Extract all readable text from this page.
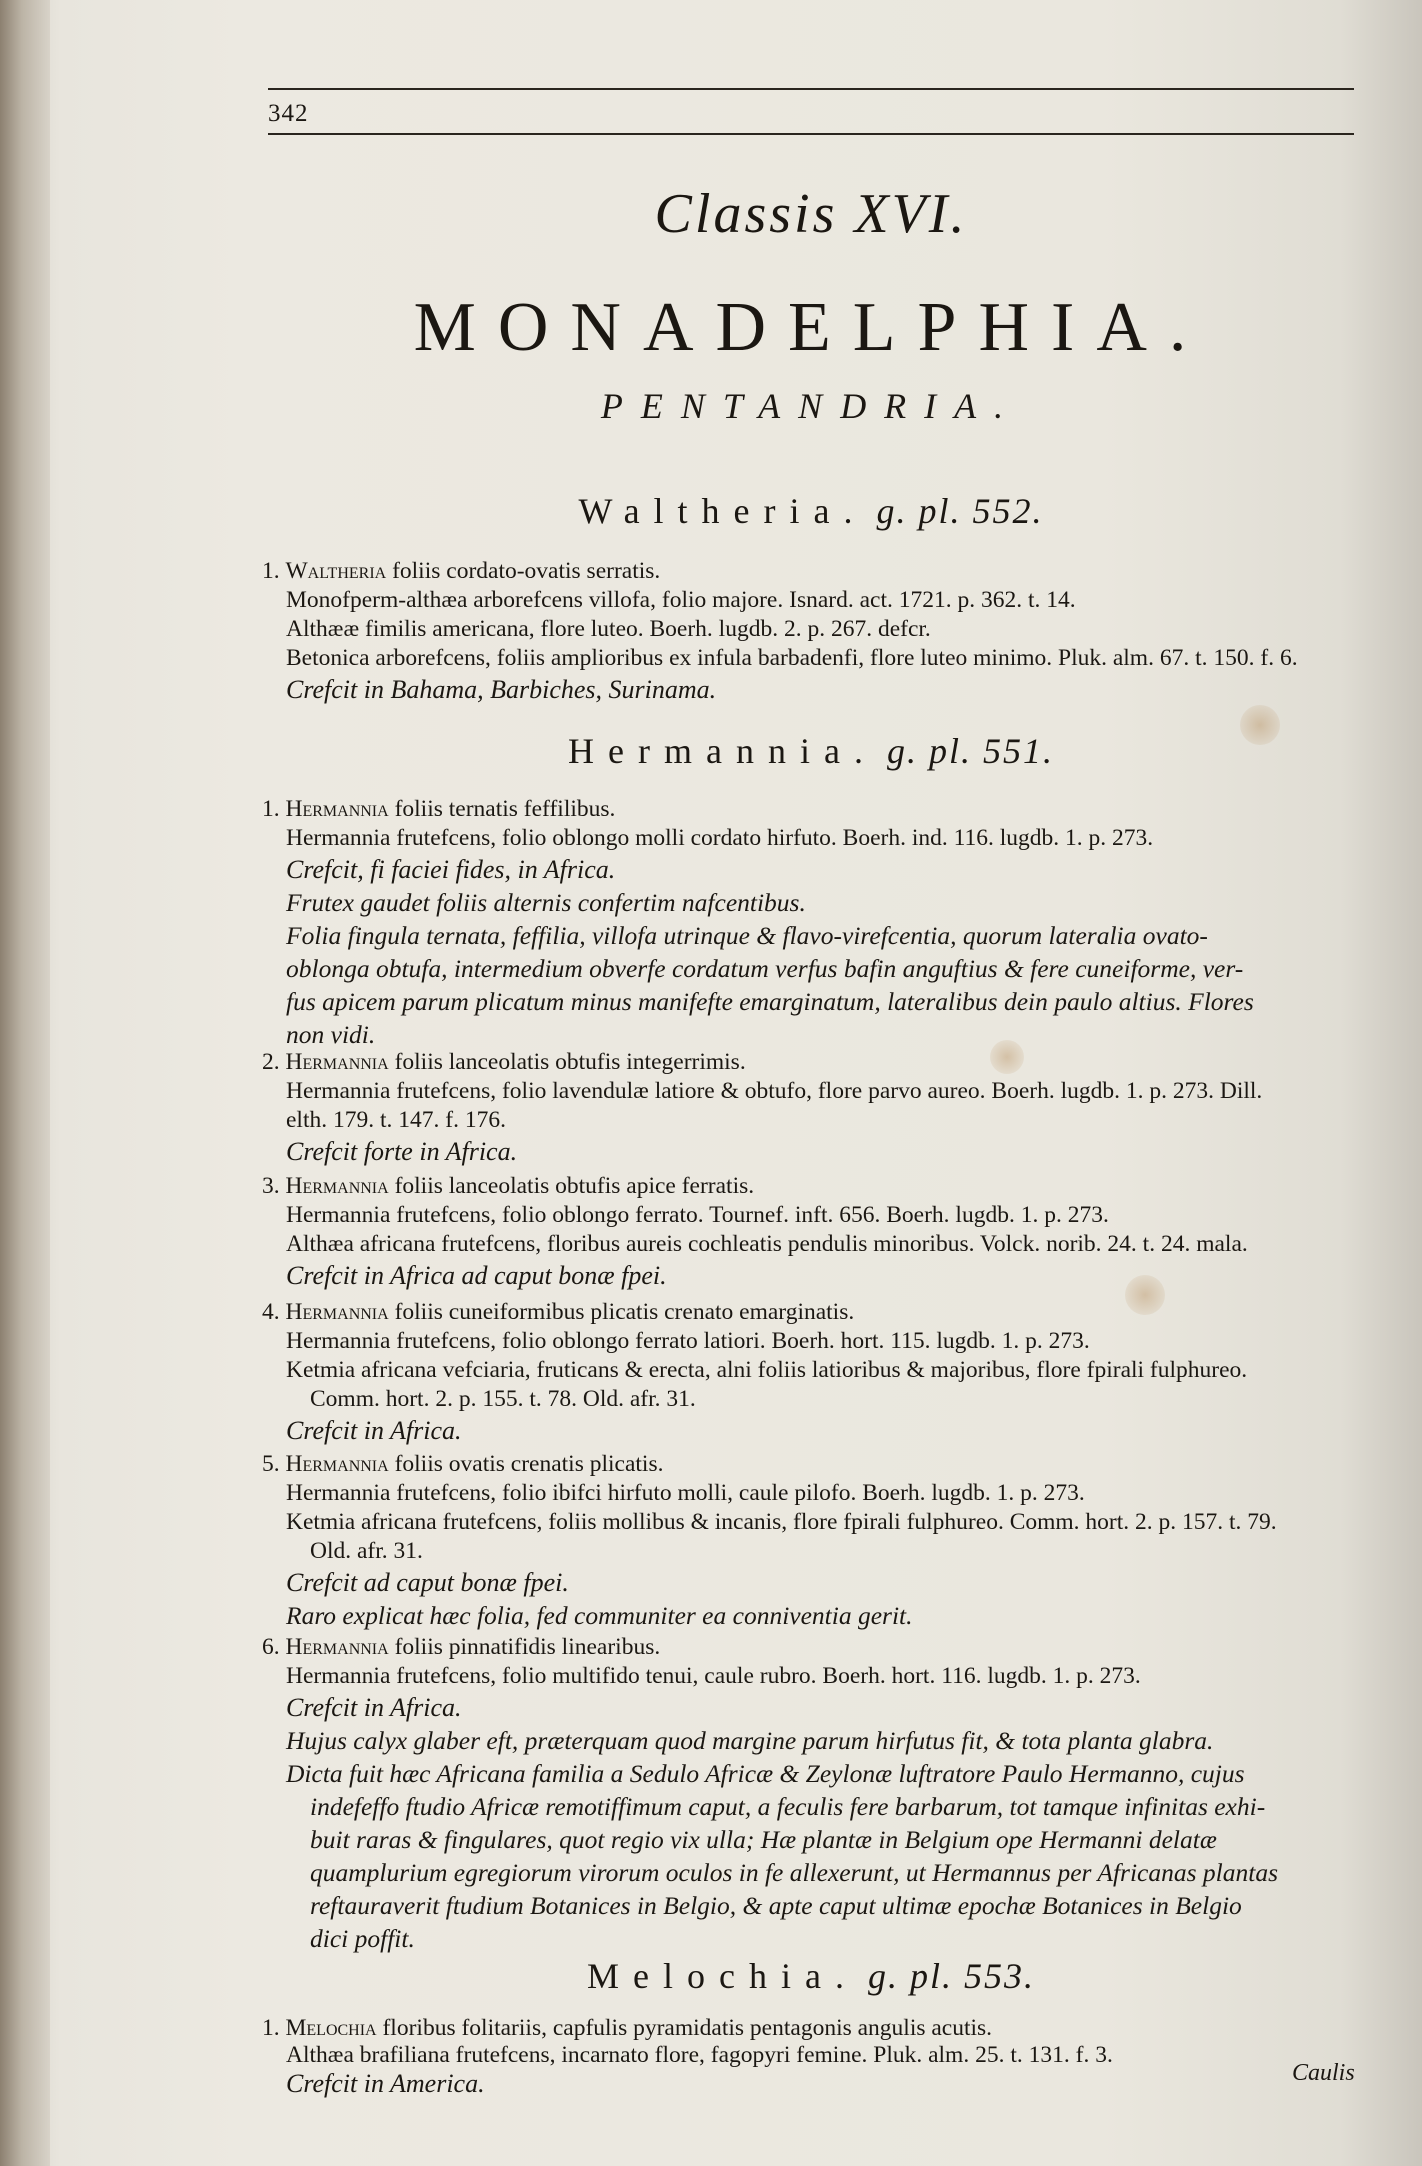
342
Classis XVI.
MONADELPHIA.
PENTANDRIA.
Waltheria. g. pl. 552.
1. Waltheria foliis cordato-ovatis serratis.
Monofperm-althæa arborefcens villofa, folio majore. Isnard. act. 1721. p. 362. t. 14.
Althææ fimilis americana, flore luteo. Boerh. lugdb. 2. p. 267. defcr.
Betonica arborefcens, foliis amplioribus ex infula barbadenfi, flore luteo minimo. Pluk. alm. 67. t. 150. f. 6.
Crefcit in Bahama, Barbiches, Surinama.
Hermannia. g. pl. 551.
1. Hermannia foliis ternatis feffilibus.
Hermannia frutefcens, folio oblongo molli cordato hirfuto. Boerh. ind. 116. lugdb. 1. p. 273.
Crefcit, fi faciei fides, in Africa.
Frutex gaudet foliis alternis confertim nafcentibus.
Folia fingula ternata, feffilia, villofa utrinque & flavo-virefcentia, quorum lateralia ovato-
oblonga obtufa, intermedium obverfe cordatum verfus bafin anguftius & fere cuneiforme, ver-
fus apicem parum plicatum minus manifefte emarginatum, lateralibus dein paulo altius. Flores
non vidi.
2. Hermannia foliis lanceolatis obtufis integerrimis.
Hermannia frutefcens, folio lavendulæ latiore & obtufo, flore parvo aureo. Boerh. lugdb. 1. p. 273. Dill.
elth. 179. t. 147. f. 176.
Crefcit forte in Africa.
3. Hermannia foliis lanceolatis obtufis apice ferratis.
Hermannia frutefcens, folio oblongo ferrato. Tournef. inft. 656. Boerh. lugdb. 1. p. 273.
Althæa africana frutefcens, floribus aureis cochleatis pendulis minoribus. Volck. norib. 24. t. 24. mala.
Crefcit in Africa ad caput bonæ fpei.
4. Hermannia foliis cuneiformibus plicatis crenato emarginatis.
Hermannia frutefcens, folio oblongo ferrato latiori. Boerh. hort. 115. lugdb. 1. p. 273.
Ketmia africana vefciaria, fruticans & erecta, alni foliis latioribus & majoribus, flore fpirali fulphureo.
Comm. hort. 2. p. 155. t. 78. Old. afr. 31.
Crefcit in Africa.
5. Hermannia foliis ovatis crenatis plicatis.
Hermannia frutefcens, folio ibifci hirfuto molli, caule pilofo. Boerh. lugdb. 1. p. 273.
Ketmia africana frutefcens, foliis mollibus & incanis, flore fpirali fulphureo. Comm. hort. 2. p. 157. t. 79.
Old. afr. 31.
Crefcit ad caput bonæ fpei.
Raro explicat hæc folia, fed communiter ea conniventia gerit.
6. Hermannia foliis pinnatifidis linearibus.
Hermannia frutefcens, folio multifido tenui, caule rubro. Boerh. hort. 116. lugdb. 1. p. 273.
Crefcit in Africa.
Hujus calyx glaber eft, præterquam quod margine parum hirfutus fit, & tota planta glabra.
Dicta fuit hæc Africana familia a Sedulo Africæ & Zeylonæ luftratore Paulo Hermanno, cujus
indefeffo ftudio Africæ remotiffimum caput, a feculis fere barbarum, tot tamque infinitas exhi-
buit raras & fingulares, quot regio vix ulla; Hæ plantæ in Belgium ope Hermanni delatæ
quamplurium egregiorum virorum oculos in fe allexerunt, ut Hermannus per Africanas plantas
reftauraverit ftudium Botanices in Belgio, & apte caput ultimæ epochæ Botanices in Belgio
dici poffit.
Melochia. g. pl. 553.
1. Melochia floribus folitariis, capfulis pyramidatis pentagonis angulis acutis.
Althæa brafiliana frutefcens, incarnato flore, fagopyri femine. Pluk. alm. 25. t. 131. f. 3.
Crefcit in America.	Caulis
